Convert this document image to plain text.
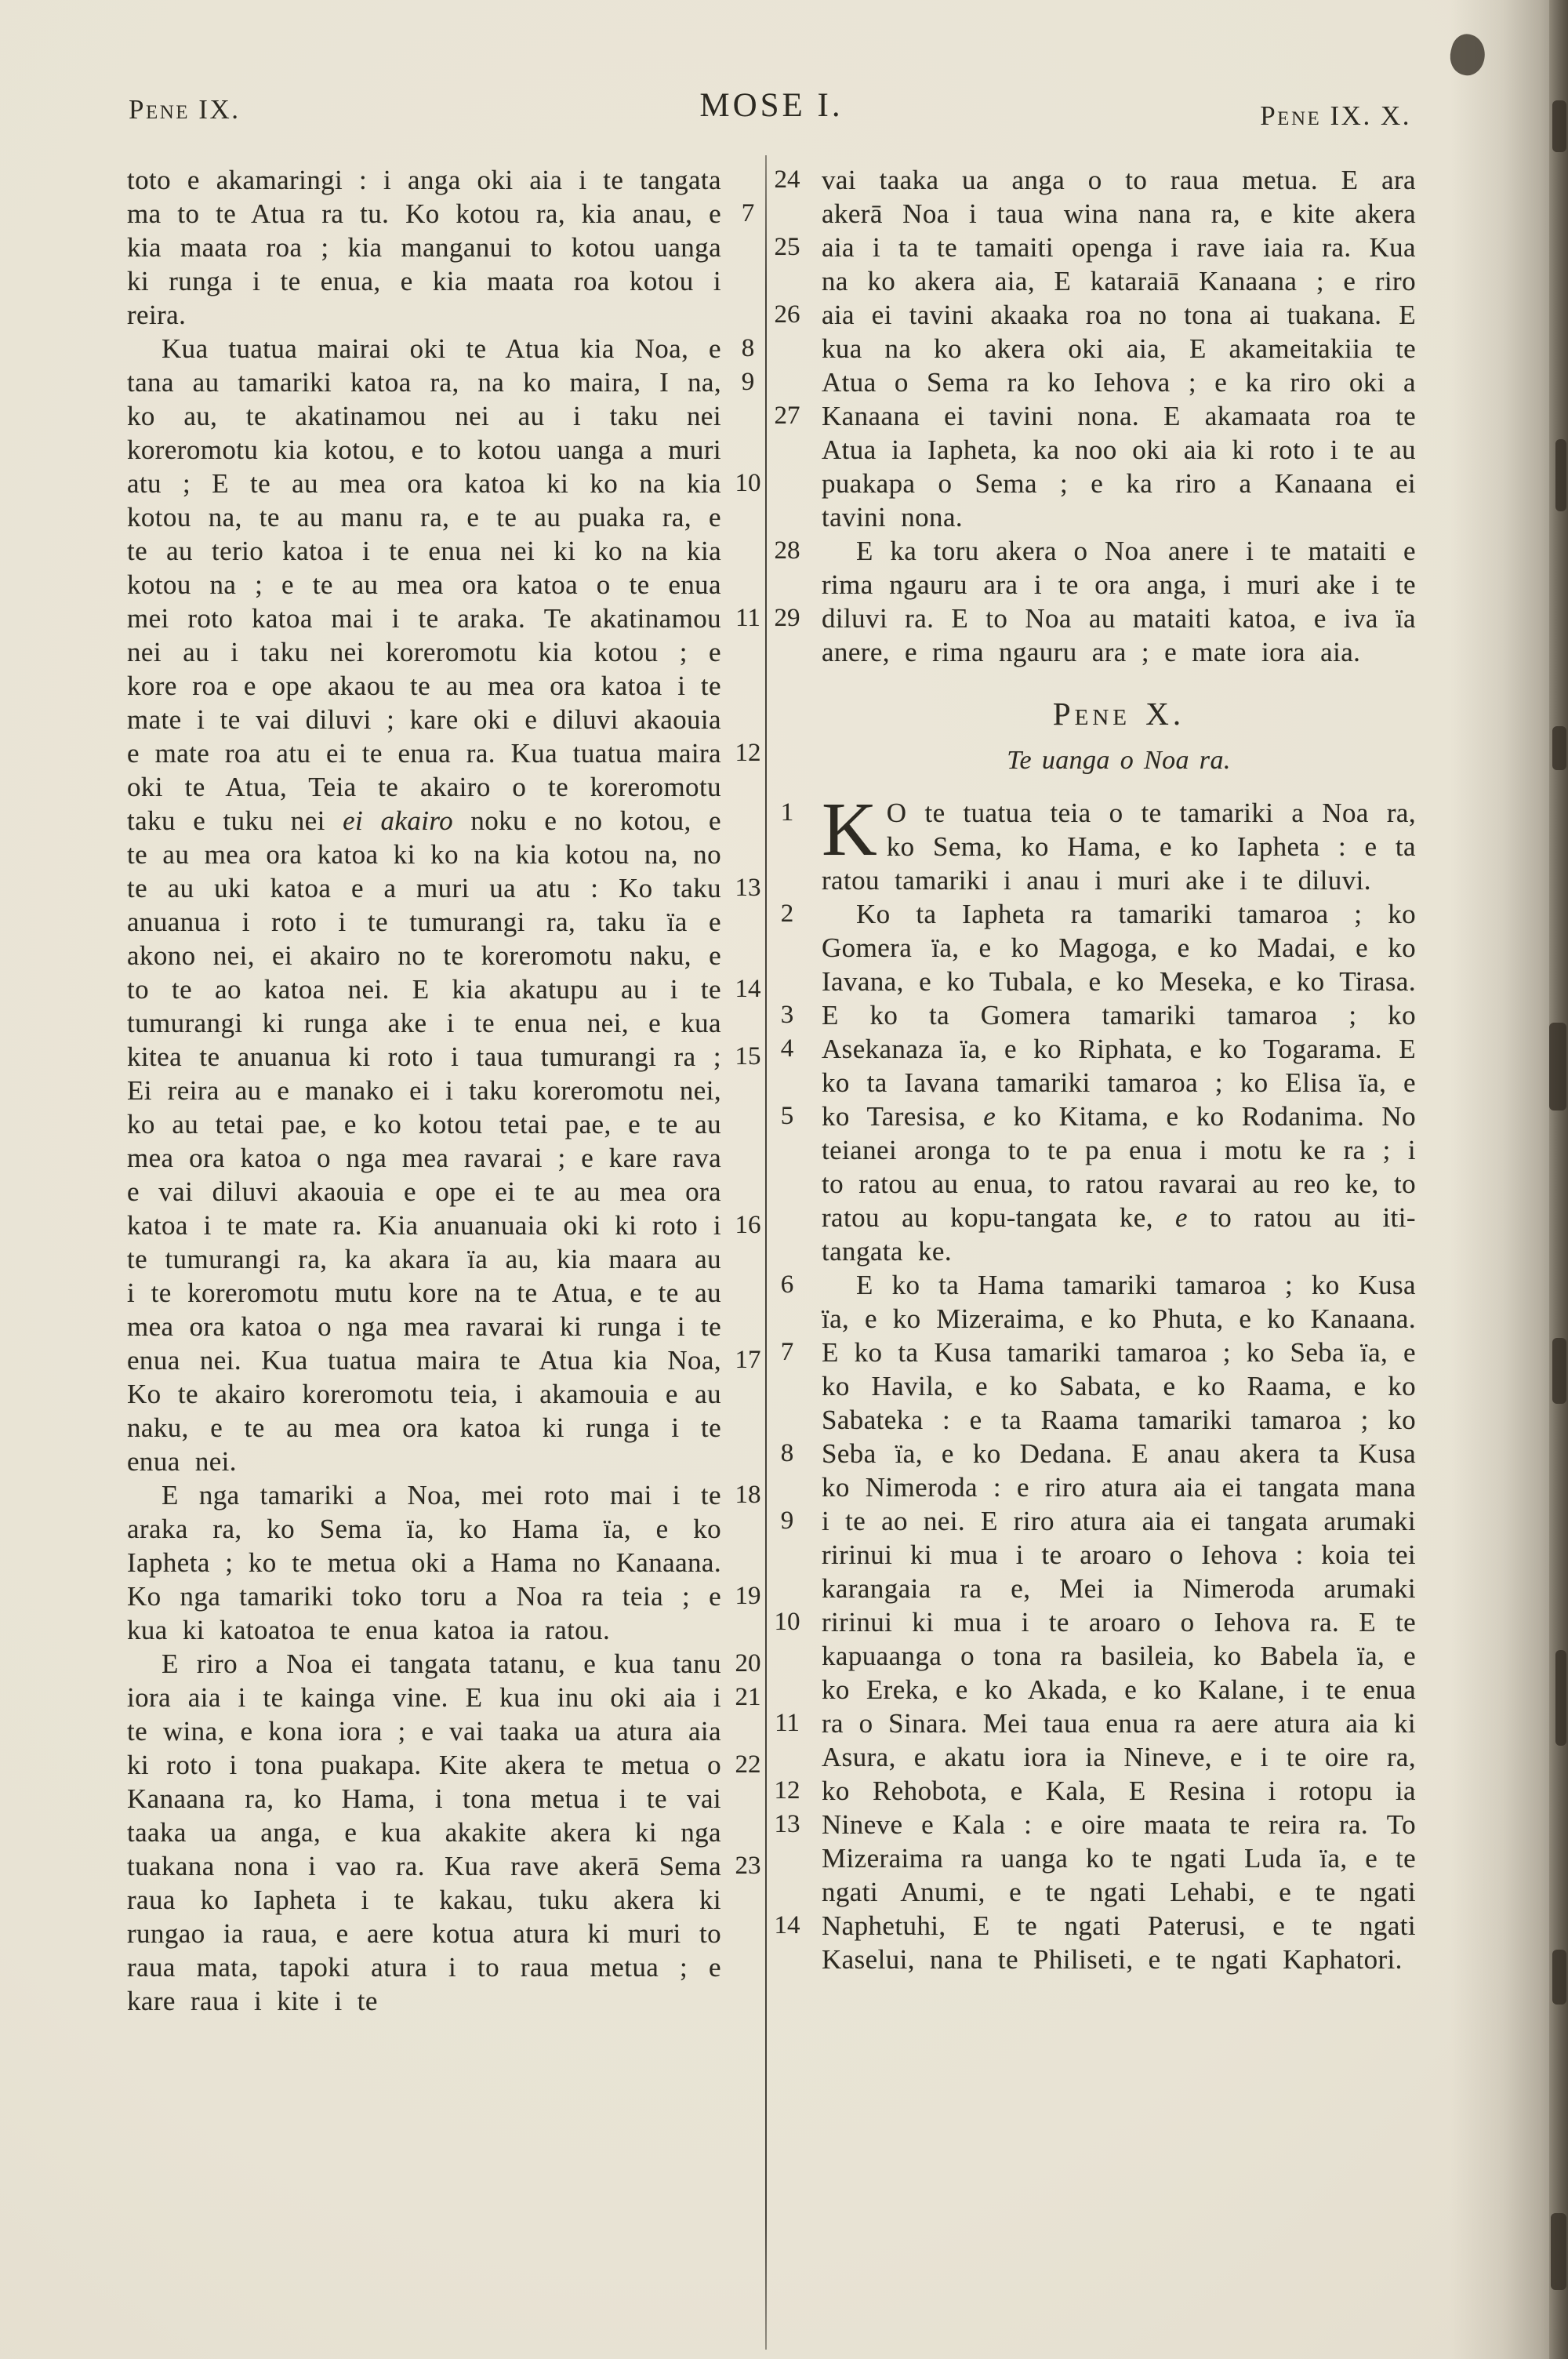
Pene IX.	MOSE I.	Pene IX. X.

toto e akamaringi : i anga oki aia i te tangata ma to te Atua ra tu.	7
Ko kotou ra, kia anau, e kia maata roa ; kia manganui to kotou uanga ki runga i te enua, e kia maata roa kotou i reira.

8
Kua tuatua mairai oki te Atua kia Noa, e tana au tamariki katoa ra, na ko maira,	9
I na, ko au, te akatinamou nei au i taku nei koreromotu kia kotou, e to kotou uanga a muri atu ;	10
E te au mea ora katoa ki ko na kia kotou na, te au manu ra, e te au puaka ra, e te au terio katoa i te enua nei ki ko na kia kotou na ; e te au mea ora katoa o te enua mei roto katoa mai i te araka.	11
Te akatinamou nei au i taku nei koreromotu kia kotou ; e kore roa e ope akaou te au mea ora katoa i te mate i te vai diluvi ; kare oki e diluvi akaouia e mate roa atu ei te enua ra.	12
Kua tuatua maira oki te Atua, Teia te akairo o te koreromotu taku e tuku nei ei akairo noku e no kotou, e te au mea ora katoa ki ko na kia kotou na, no te au uki katoa e a muri ua atu :	13
Ko taku anuanua i roto i te tumurangi ra, taku ïa e akono nei, ei akairo no te koreromotu naku, e to te ao katoa nei.	14
E kia akatupu au i te tumurangi ki runga ake i te enua nei, e kua kitea te anuanua ki roto i taua tumurangi ra ; 15
Ei reira au e manako ei i taku koreromotu nei, ko au tetai pae, e ko kotou tetai pae, e te au mea ora katoa o nga mea ravarai ; e kare rava e vai diluvi akaouia e ope ei te au mea ora katoa i te mate ra.	16
Kia anuanuaia oki ki roto i te tumurangi ra, ka akara ïa au, kia maara au i te koreromotu mutu kore na te Atua, e te au mea ora katoa o nga mea ravarai ki runga i te enua nei.	17
Kua tuatua maira te Atua kia Noa, Ko te akairo koreromotu teia, i akamouia e au naku, e te au mea ora katoa ki runga i te enua nei.

18
E nga tamariki a Noa, mei roto mai i te araka ra, ko Sema ïa, ko Hama ïa, e ko Iapheta ; ko te metua oki a Hama no Kanaana.
19
Ko nga tamariki toko toru a Noa ra teia ; e kua ki katoatoa te enua katoa ia ratou.

20
E riro a Noa ei tangata tatanu, e kua tanu iora aia i te kainga vine.	21
E kua inu oki aia i te wina, e kona iora ; e vai taaka ua atura aia ki roto i tona puakapa.	22
Kite akera te metua o Kanaana ra, ko Hama, i tona metua i te vai taaka ua anga, e kua akakite akera ki nga tuakana nona i vao ra.	23
Kua rave akerā Sema raua ko Iapheta i te kakau, tuku akera ki rungao ia raua, e aere kotua atura ki muri to raua mata, tapoki atura i to raua metua ; e kare raua i kite i te

vai taaka ua anga o to raua metua.
24	E ara akerā Noa i taua wina nana ra, e kite akera aia i ta te tamaiti openga i rave iaia ra.
25	Kua na ko akera aia, E kataraiā Kanaana ; e riro aia ei tavini akaaka roa no tona ai tuakana.
26	E kua na ko akera oki aia, E akameitakiia te Atua o Sema ra ko Iehova ; e ka riro oki a Kanaana ei tavini nona.
27	E akamaata roa te Atua ia Iapheta, ka noo oki aia ki roto i te au puakapa o Sema ; e ka riro a Kanaana ei tavini nona.

28	E ka toru akera o Noa anere i te mataiti e rima ngauru ara i te ora anga, i muri ake i te diluvi ra.
29	E to Noa au mataiti katoa, e iva ïa anere, e rima ngauru ara ; e mate iora aia.

Pene X.
Te uanga o Noa ra.

1 K O te tuatua teia o te tamariki a Noa ra, ko Sema, ko Hama, e ko Iapheta : e ta ratou tamariki i anau i muri ake i te diluvi.

2	Ko ta Iapheta ra tamariki tamaroa ; ko Gomera ïa, e ko Magoga, e ko Madai, e ko Iavana, e ko Tubala, e ko Meseka, e ko Tirasa.
3	E ko ta Gomera tamariki tamaroa ; ko Asekanaza ïa, e ko Riphata, e ko Togarama.
4	E ko ta Iavana tamariki tamaroa ; ko Elisa ïa, e ko Taresisa, e ko Kitama, e ko Rodanima.
5	No teianei aronga to te pa enua i motu ke ra ; i to ratou au enua, to ratou ravarai au reo ke, to ratou au kopu-tangata ke, e to ratou au iti-tangata ke.

6	E ko ta Hama tamariki tamaroa ; ko Kusa ïa, e ko Mizeraima, e ko Phuta, e ko Kanaana.
7	E ko ta Kusa tamariki tamaroa ; ko Seba ïa, e ko Havila, e ko Sabata, e ko Raama, e ko Sabateka : e ta Raama tamariki tamaroa ; ko Seba ïa, e ko Dedana.
8	E anau akera ta Kusa ko Nimeroda : e riro atura aia ei tangata mana i te ao nei.
9	E riro atura aia ei tangata arumaki ririnui ki mua i te aroaro o Iehova : koia tei karangaia ra e, Mei ia Nimeroda arumaki ririnui ki mua i te aroaro o Iehova ra.
10	E te kapuaanga o tona ra basileia, ko Babela ïa, e ko Ereka, e ko Akada, e ko Kalane, i te enua ra o Sinara.
11	Mei taua enua ra aere atura aia ki Asura, e akatu iora ia Nineve, e i te oire ra, ko Rehobota, e Kala,
12	E Resina i rotopu ia Nineve e Kala : e oire maata te reira ra.
13	To Mizeraima ra uanga ko te ngati Luda ïa, e te ngati Anumi, e te ngati Lehabi, e te ngati Naphetuhi,
14	E te ngati Paterusi, e te ngati Kaselui, nana te Philiseti, e te ngati Kaphatori.
